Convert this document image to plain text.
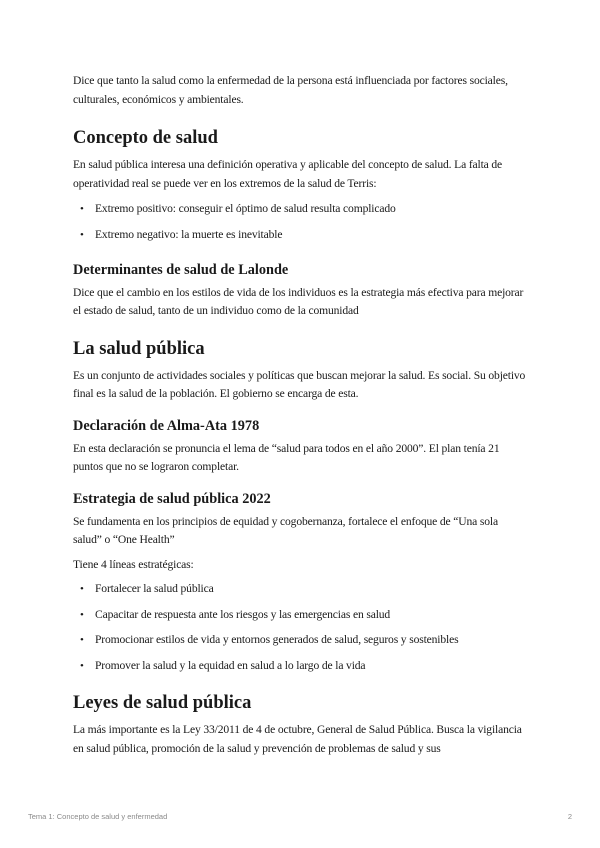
Dice que tanto la salud como la enfermedad de la persona está influenciada por factores sociales, culturales, económicos y ambientales.

Concepto de salud

En salud pública interesa una definición operativa y aplicable del concepto de salud. La falta de operatividad real se puede ver en los extremos de la salud de Terris:

• Extremo positivo: conseguir el óptimo de salud resulta complicado
• Extremo negativo: la muerte es inevitable
Determinantes de salud de Lalonde

Dice que el cambio en los estilos de vida de los individuos es la estrategia más efectiva para mejorar el estado de salud, tanto de un individuo como de la comunidad

La salud pública

Es un conjunto de actividades sociales y políticas que buscan mejorar la salud. Es social. Su objetivo final es la salud de la población. El gobierno se encarga de esta.

Declaración de Alma-Ata 1978

En esta declaración se pronuncia el lema de “salud para todos en el año 2000”. El plan tenía 21 puntos que no se lograron completar.

Estrategia de salud pública 2022

Se fundamenta en los principios de equidad y cogobernanza, fortalece el enfoque de “Una sola salud” o “One Health”

Tiene 4 líneas estratégicas:

• Fortalecer la salud pública
• Capacitar de respuesta ante los riesgos y las emergencias en salud
• Promocionar estilos de vida y entornos generados de salud, seguros y sostenibles
• Promover la salud y la equidad en salud a lo largo de la vida
Leyes de salud pública

La más importante es la Ley 33/2011 de 4 de octubre, General de Salud Pública. Busca la vigilancia en salud pública, promoción de la salud y prevención de problemas de salud y sus

Tema 1: Concepto de salud y enfermedad	2
